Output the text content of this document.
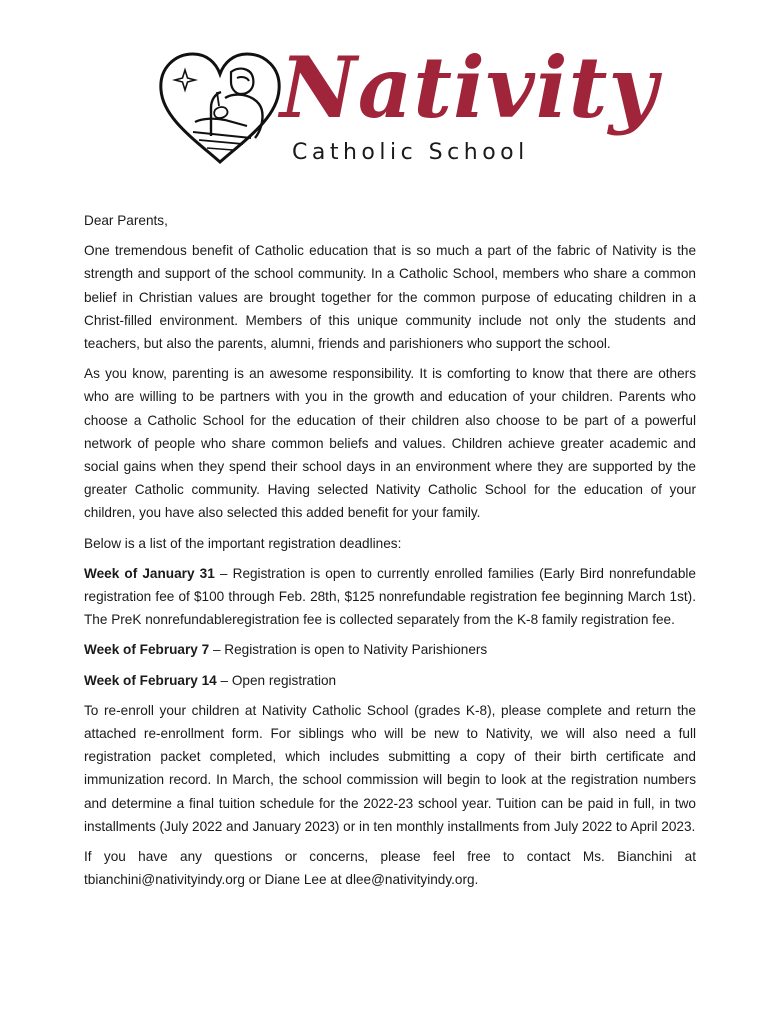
Nativity
Catholic School

Dear Parents,

One tremendous benefit of Catholic education that is so much a part of the fabric of Nativity is the strength and support of the school community. In a Catholic School, members who share a common belief in Christian values are brought together for the common purpose of educating children in a Christ-filled environment. Members of this unique community include not only the students and teachers, but also the parents, alumni, friends and parishioners who support the school.

As you know, parenting is an awesome responsibility. It is comforting to know that there are others who are willing to be partners with you in the growth and education of your children. Parents who choose a Catholic School for the education of their children also choose to be part of a powerful network of people who share common beliefs and values. Children achieve greater academic and social gains when they spend their school days in an environment where they are supported by the greater Catholic community. Having selected Nativity Catholic School for the education of your children, you have also selected this added benefit for your family.

Below is a list of the important registration deadlines:

Week of January 31 – Registration is open to currently enrolled families (Early Bird nonrefundable registration fee of $100 through Feb. 28th, $125 nonrefundable registration fee beginning March 1st). The PreK nonrefundableregistration fee is collected separately from the K-8 family registration fee.

Week of February 7 – Registration is open to Nativity Parishioners

Week of February 14 – Open registration

To re-enroll your children at Nativity Catholic School (grades K-8), please complete and return the attached re-enrollment form. For siblings who will be new to Nativity, we will also need a full registration packet completed, which includes submitting a copy of their birth certificate and immunization record. In March, the school commission will begin to look at the registration numbers and determine a final tuition schedule for the 2022-23 school year. Tuition can be paid in full, in two installments (July 2022 and January 2023) or in ten monthly installments from July 2022 to April 2023.

If you have any questions or concerns, please feel free to contact Ms. Bianchini at tbianchini@nativityindy.org or Diane Lee at dlee@nativityindy.org.
